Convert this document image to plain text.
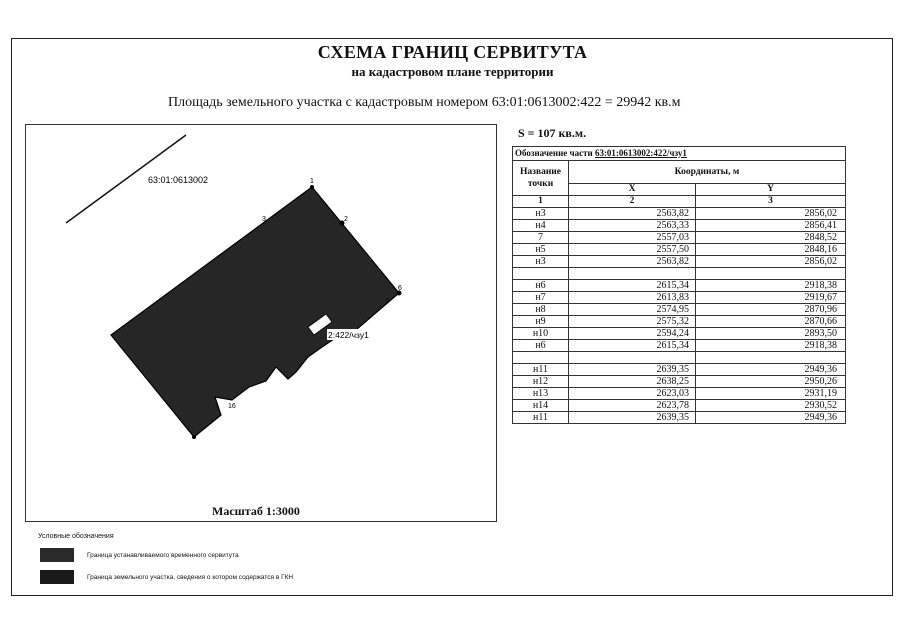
СХЕМА ГРАНИЦ СЕРВИТУТА
на кадастровом плане территории
Площадь земельного участка с кадастровым номером 63:01:0613002:422 = 29942 кв.м
63:01:0613002	1
2
3
6
5
16
2:422/чзу1
Масштаб 1:3000
S = 107 кв.м.
Обозначение части 63:01:0613002:422/чзу1		
Название точки	Координаты, м	
	Х	Y
1	2	3
н3	2563,82	2856,02
н4	2563,33	2856,41
7	2557,03	2848,52
н5	2557,50	2848,16
н3	2563,82	2856,02

н6	2615,34	2918,38
н7	2613,83	2919,67
н8	2574,95	2870,96
н9	2575,32	2870,66
н10	2594,24	2893,50
н6	2615,34	2918,38

н11	2639,35	2949,36
н12	2638,25	2950,26
н13	2623,03	2931,19
н14	2623,78	2930,52
н11	2639,35	2949,36
Условные обозначения
Граница устанавливаемого временного сервитута
Граница земельного участка, сведения о котором содержатся в ГКН
